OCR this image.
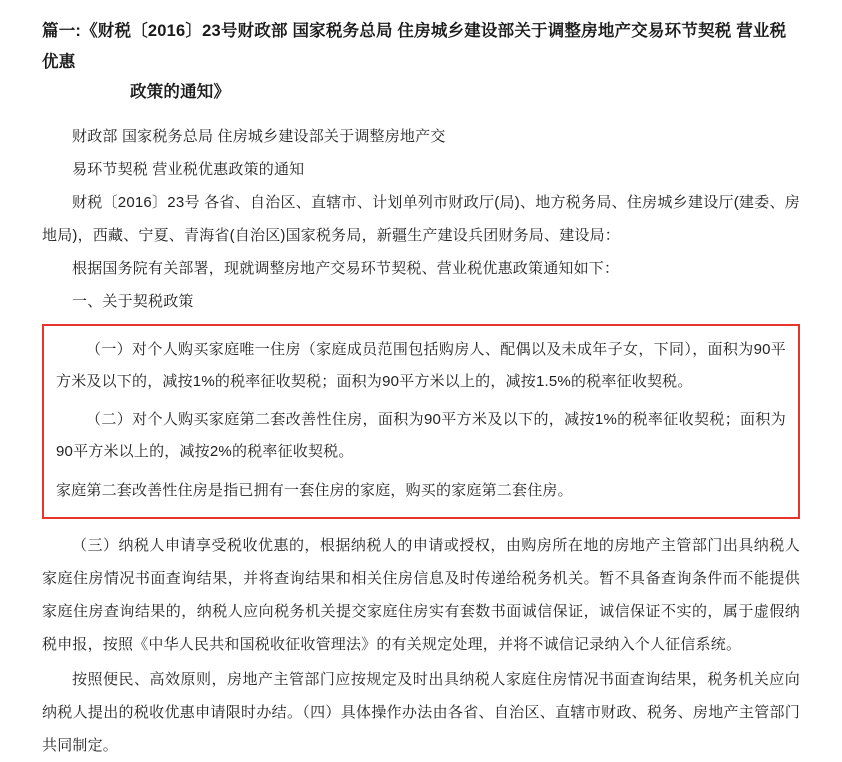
篇一:《财税〔2016〕23号财政部 国家税务总局 住房城乡建设部关于调整房地产交易环节契税 营业税优惠
政策的通知》

财政部 国家税务总局 住房城乡建设部关于调整房地产交

易环节契税 营业税优惠政策的通知

财税〔2016〕23号 各省、自治区、直辖市、计划单列市财政厅(局)、地方税务局、住房城乡建设厅(建委、房地局)，西藏、宁夏、青海省(自治区)国家税务局，新疆生产建设兵团财务局、建设局：

根据国务院有关部署，现就调整房地产交易环节契税、营业税优惠政策通知如下：

一、关于契税政策

（一）对个人购买家庭唯一住房（家庭成员范围包括购房人、配偶以及未成年子女，下同），面积为90平方米及以下的，减按1%的税率征收契税；面积为90平方米以上的，减按1.5%的税率征收契税。

（二）对个人购买家庭第二套改善性住房，面积为90平方米及以下的，减按1%的税率征收契税；面积为90平方米以上的，减按2%的税率征收契税。

家庭第二套改善性住房是指已拥有一套住房的家庭，购买的家庭第二套住房。

（三）纳税人申请享受税收优惠的，根据纳税人的申请或授权，由购房所在地的房地产主管部门出具纳税人家庭住房情况书面查询结果，并将查询结果和相关住房信息及时传递给税务机关。暂不具备查询条件而不能提供家庭住房查询结果的，纳税人应向税务机关提交家庭住房实有套数书面诚信保证，诚信保证不实的，属于虚假纳税申报，按照《中华人民共和国税收征收管理法》的有关规定处理，并将不诚信记录纳入个人征信系统。

按照便民、高效原则，房地产主管部门应按规定及时出具纳税人家庭住房情况书面查询结果，税务机关应向纳税人提出的税收优惠申请限时办结。（四）具体操作办法由各省、自治区、直辖市财政、税务、房地产主管部门共同制定。
